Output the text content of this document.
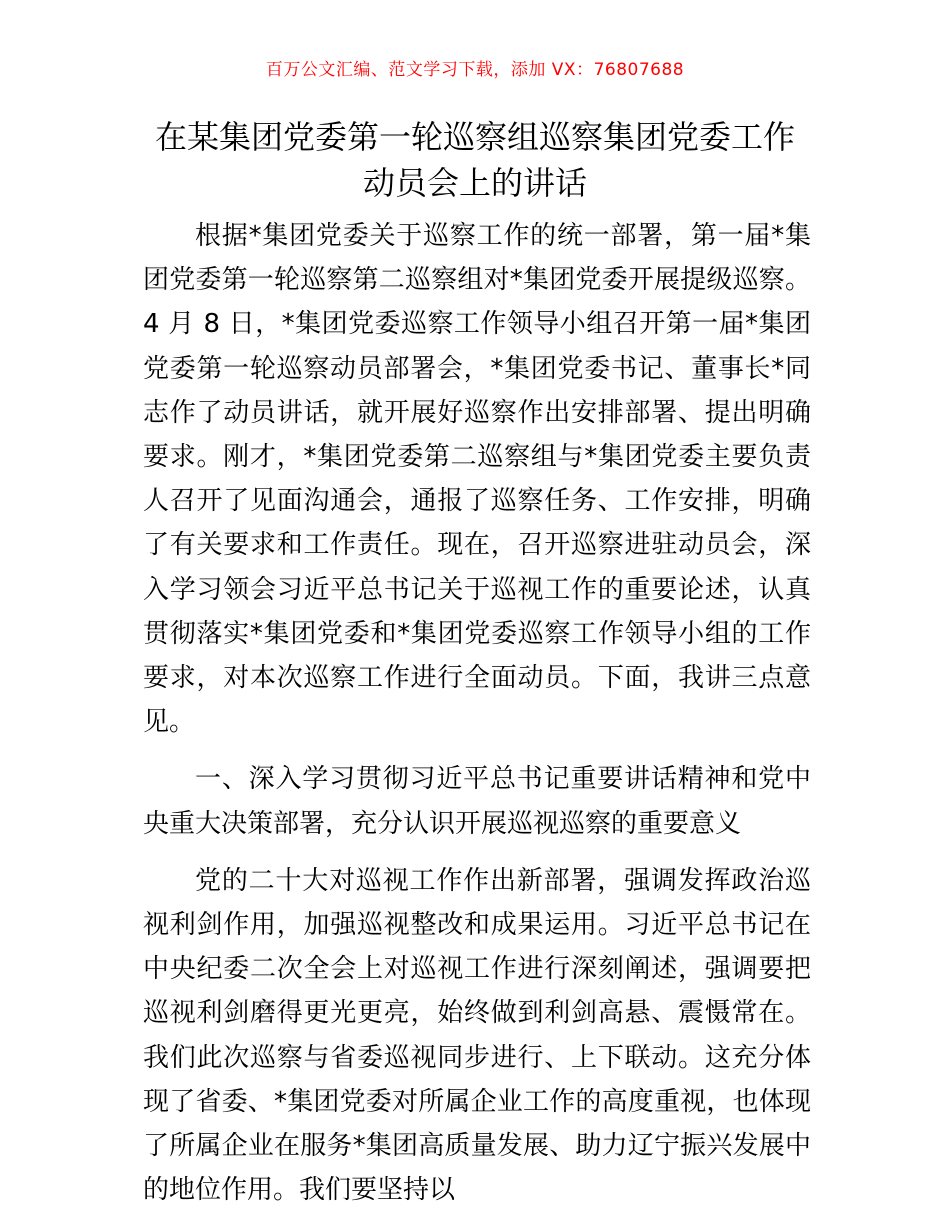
百万公文汇编、范文学习下载，添加 VX：76807688
在某集团党委第一轮巡察组巡察集团党委工作
动员会上的讲话

根据*集团党委关于巡察工作的统一部署，第一届*集团党委第一轮巡察第二巡察组对*集团党委开展提级巡察。4 月 8 日，*集团党委巡察工作领导小组召开第一届*集团党委第一轮巡察动员部署会，*集团党委书记、董事长*同志作了动员讲话，就开展好巡察作出安排部署、提出明确要求。刚才，*集团党委第二巡察组与*集团党委主要负责人召开了见面沟通会，通报了巡察任务、工作安排，明确了有关要求和工作责任。现在，召开巡察进驻动员会，深入学习领会习近平总书记关于巡视工作的重要论述，认真贯彻落实*集团党委和*集团党委巡察工作领导小组的工作要求，对本次巡察工作进行全面动员。下面，我讲三点意见。

一、深入学习贯彻习近平总书记重要讲话精神和党中央重大决策部署，充分认识开展巡视巡察的重要意义

党的二十大对巡视工作作出新部署，强调发挥政治巡视利剑作用，加强巡视整改和成果运用。习近平总书记在中央纪委二次全会上对巡视工作进行深刻阐述，强调要把巡视利剑磨得更光更亮，始终做到利剑高悬、震慑常在。我们此次巡察与省委巡视同步进行、上下联动。这充分体现了省委、*集团党委对所属企业工作的高度重视，也体现了所属企业在服务*集团高质量发展、助力辽宁振兴发展中的地位作用。我们要坚持以
